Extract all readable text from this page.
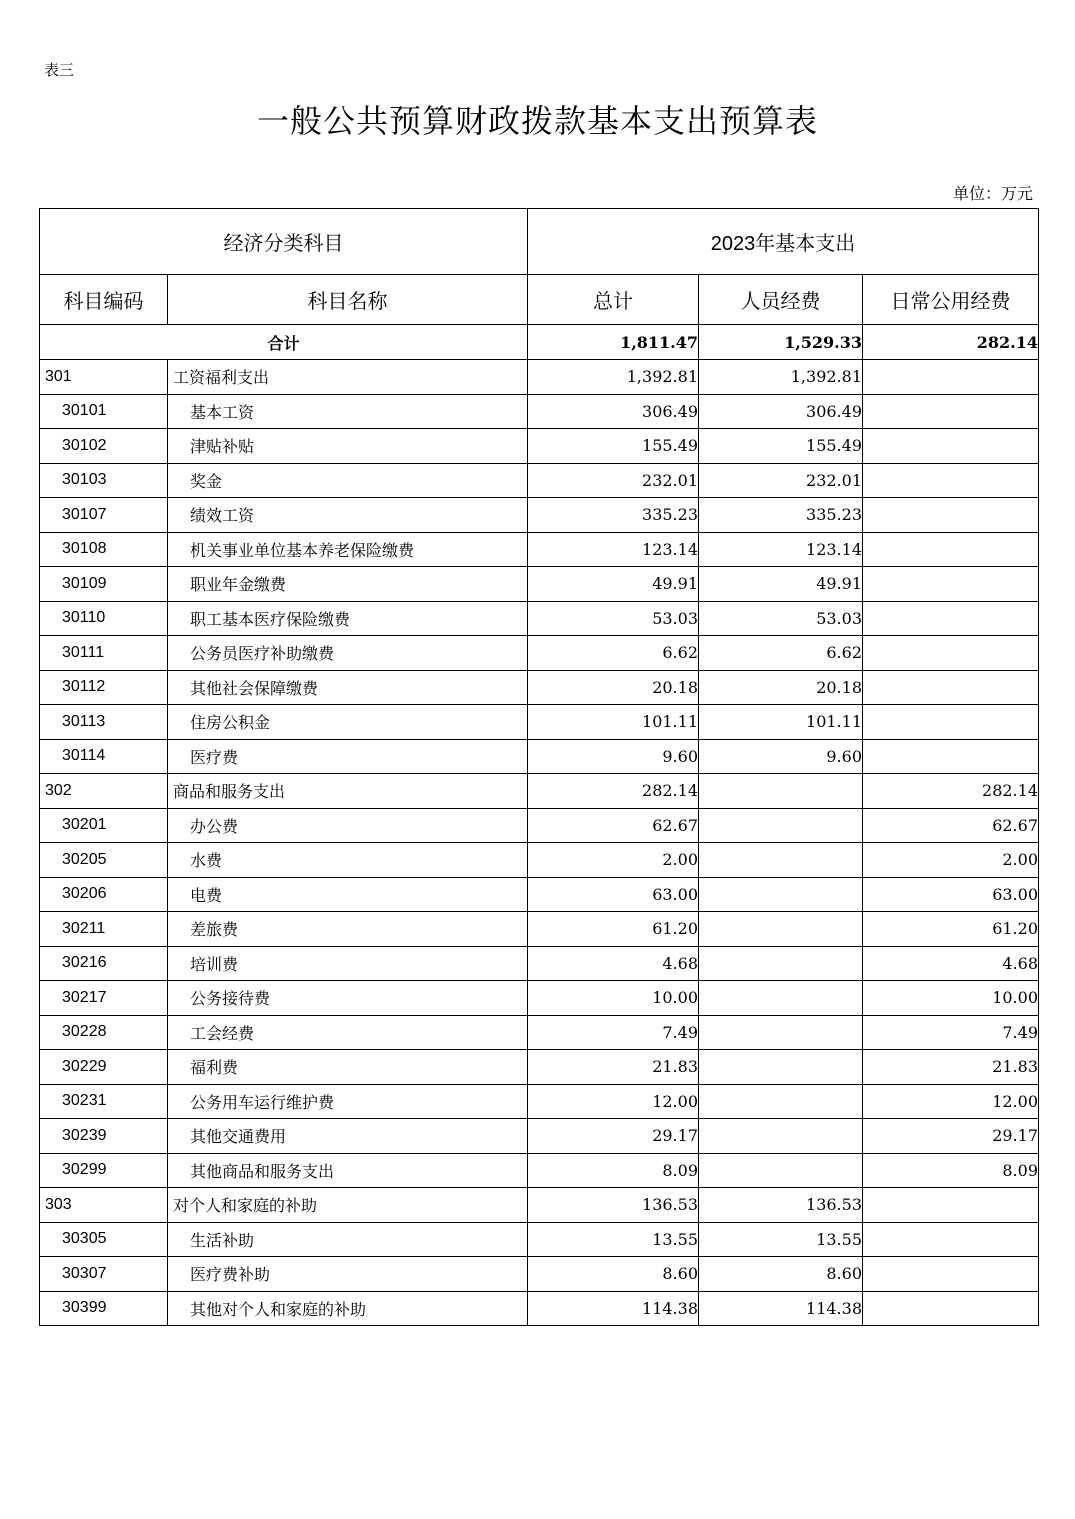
表三
一般公共预算财政拨款基本支出预算表
单位：万元
经济分类科目		2023年基本支出		
科目编码	科目名称	总计	人员经费	日常公用经费
合计		1,811.47	1,529.33	282.14
301	工资福利支出	1,392.81	1,392.81	
30101	基本工资	306.49	306.49	
30102	津贴补贴	155.49	155.49	
30103	奖金	232.01	232.01	
30107	绩效工资	335.23	335.23	
30108	机关事业单位基本养老保险缴费	123.14	123.14	
30109	职业年金缴费	49.91	49.91	
30110	职工基本医疗保险缴费	53.03	53.03	
30111	公务员医疗补助缴费	6.62	6.62	
30112	其他社会保障缴费	20.18	20.18	
30113	住房公积金	101.11	101.11	
30114	医疗费	9.60	9.60	
302	商品和服务支出	282.14		282.14
30201	办公费	62.67		62.67
30205	水费	2.00		2.00
30206	电费	63.00		63.00
30211	差旅费	61.20		61.20
30216	培训费	4.68		4.68
30217	公务接待费	10.00		10.00
30228	工会经费	7.49		7.49
30229	福利费	21.83		21.83
30231	公务用车运行维护费	12.00		12.00
30239	其他交通费用	29.17		29.17
30299	其他商品和服务支出	8.09		8.09
303	对个人和家庭的补助	136.53	136.53	
30305	生活补助	13.55	13.55	
30307	医疗费补助	8.60	8.60	
30399	其他对个人和家庭的补助	114.38	114.38	
